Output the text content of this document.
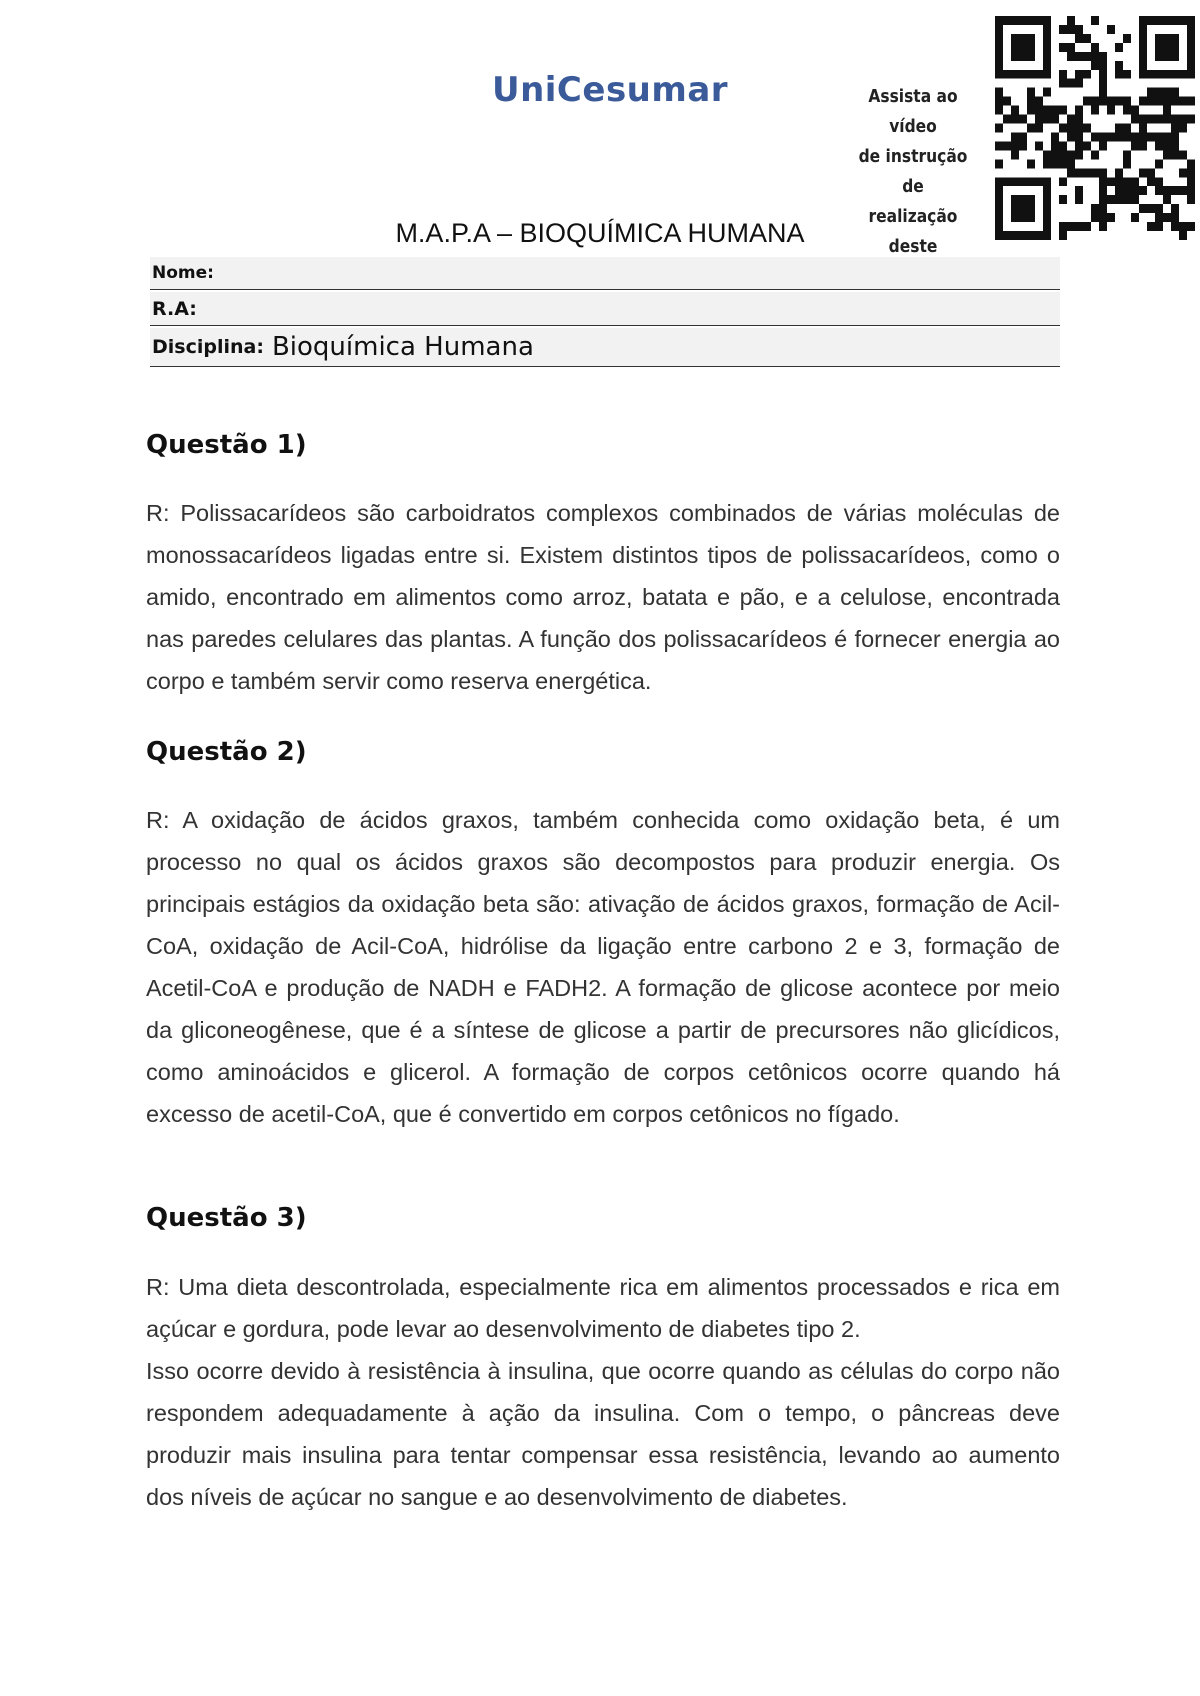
UniCesumar	Assista ao vídeo
de instrução de
realização deste
M.A.P.A – BIOQUÍMICA HUMANA
Nome:
R.A:
Disciplina: Bioquímica Humana
Questão 1)

R: Polissacarídeos são carboidratos complexos combinados de várias moléculas de monossacarídeos ligadas entre si. Existem distintos tipos de polissacarídeos, como o amido, encontrado em alimentos como arroz, batata e pão, e a celulose, encontrada nas paredes celulares das plantas. A função dos polissacarídeos é fornecer energia ao corpo e também servir como reserva energética.

Questão 2)

R: A oxidação de ácidos graxos, também conhecida como oxidação beta, é um processo no qual os ácidos graxos são decompostos para produzir energia. Os principais estágios da oxidação beta são: ativação de ácidos graxos, formação de Acil-CoA, oxidação de Acil-CoA, hidrólise da ligação entre carbono 2 e 3, formação de Acetil-CoA e produção de NADH e FADH2. A formação de glicose acontece por meio da gliconeogênese, que é a síntese de glicose a partir de precursores não glicídicos, como aminoácidos e glicerol. A formação de corpos cetônicos ocorre quando há excesso de acetil-CoA, que é convertido em corpos cetônicos no fígado.

Questão 3)

R: Uma dieta descontrolada, especialmente rica em alimentos processados e rica em açúcar e gordura, pode levar ao desenvolvimento de diabetes tipo 2.

Isso ocorre devido à resistência à insulina, que ocorre quando as células do corpo não respondem adequadamente à ação da insulina. Com o tempo, o pâncreas deve produzir mais insulina para tentar compensar essa resistência, levando ao aumento dos níveis de açúcar no sangue e ao desenvolvimento de diabetes.
